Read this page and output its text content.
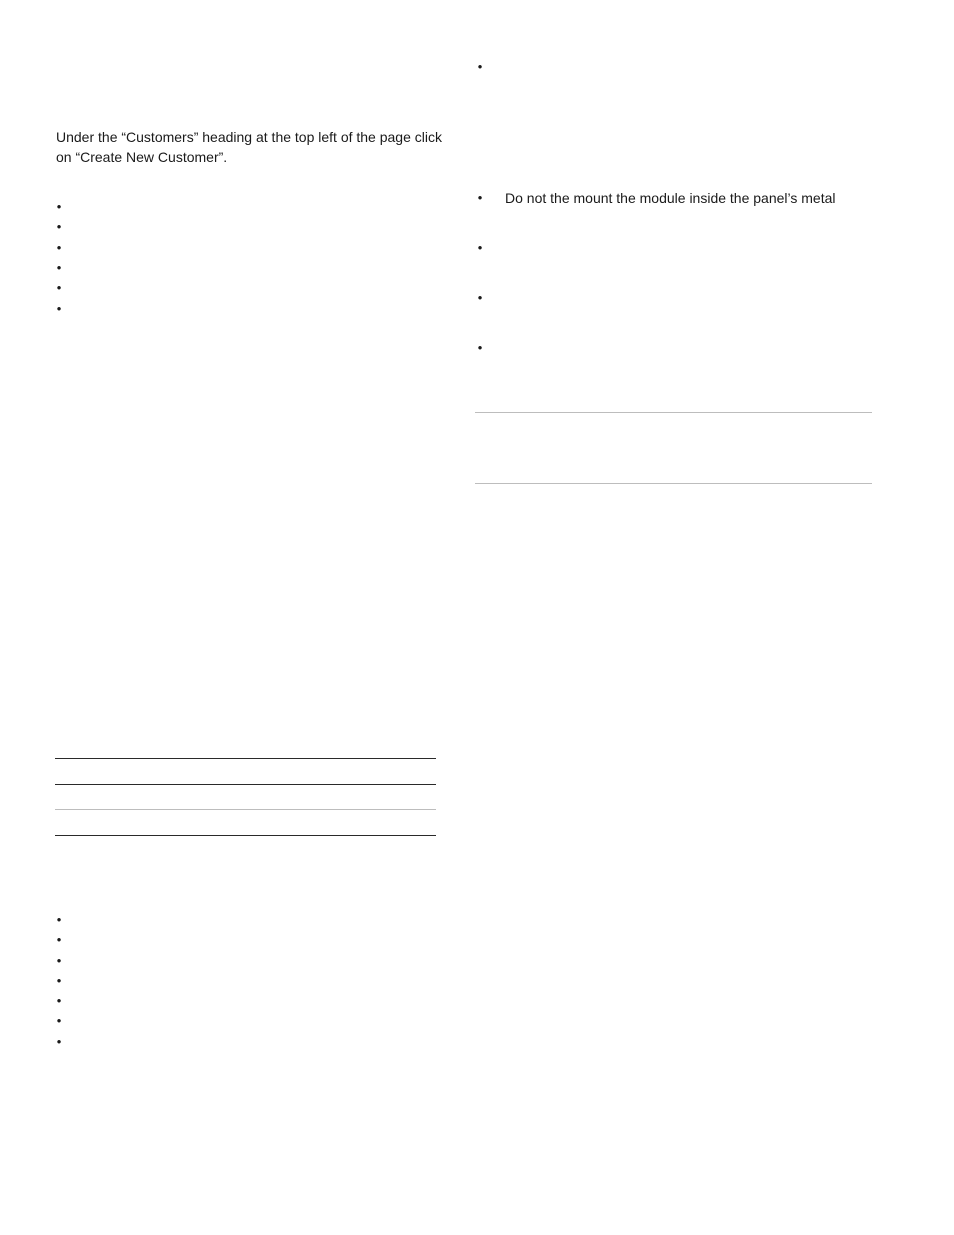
Under the “Customers” heading at the top left of the page click on “Create New Customer”.

•
•
•
•
•
•
•
•
•
•
•
•
•
•
• Do not the mount the module inside the panel’s metal
•
•
•
